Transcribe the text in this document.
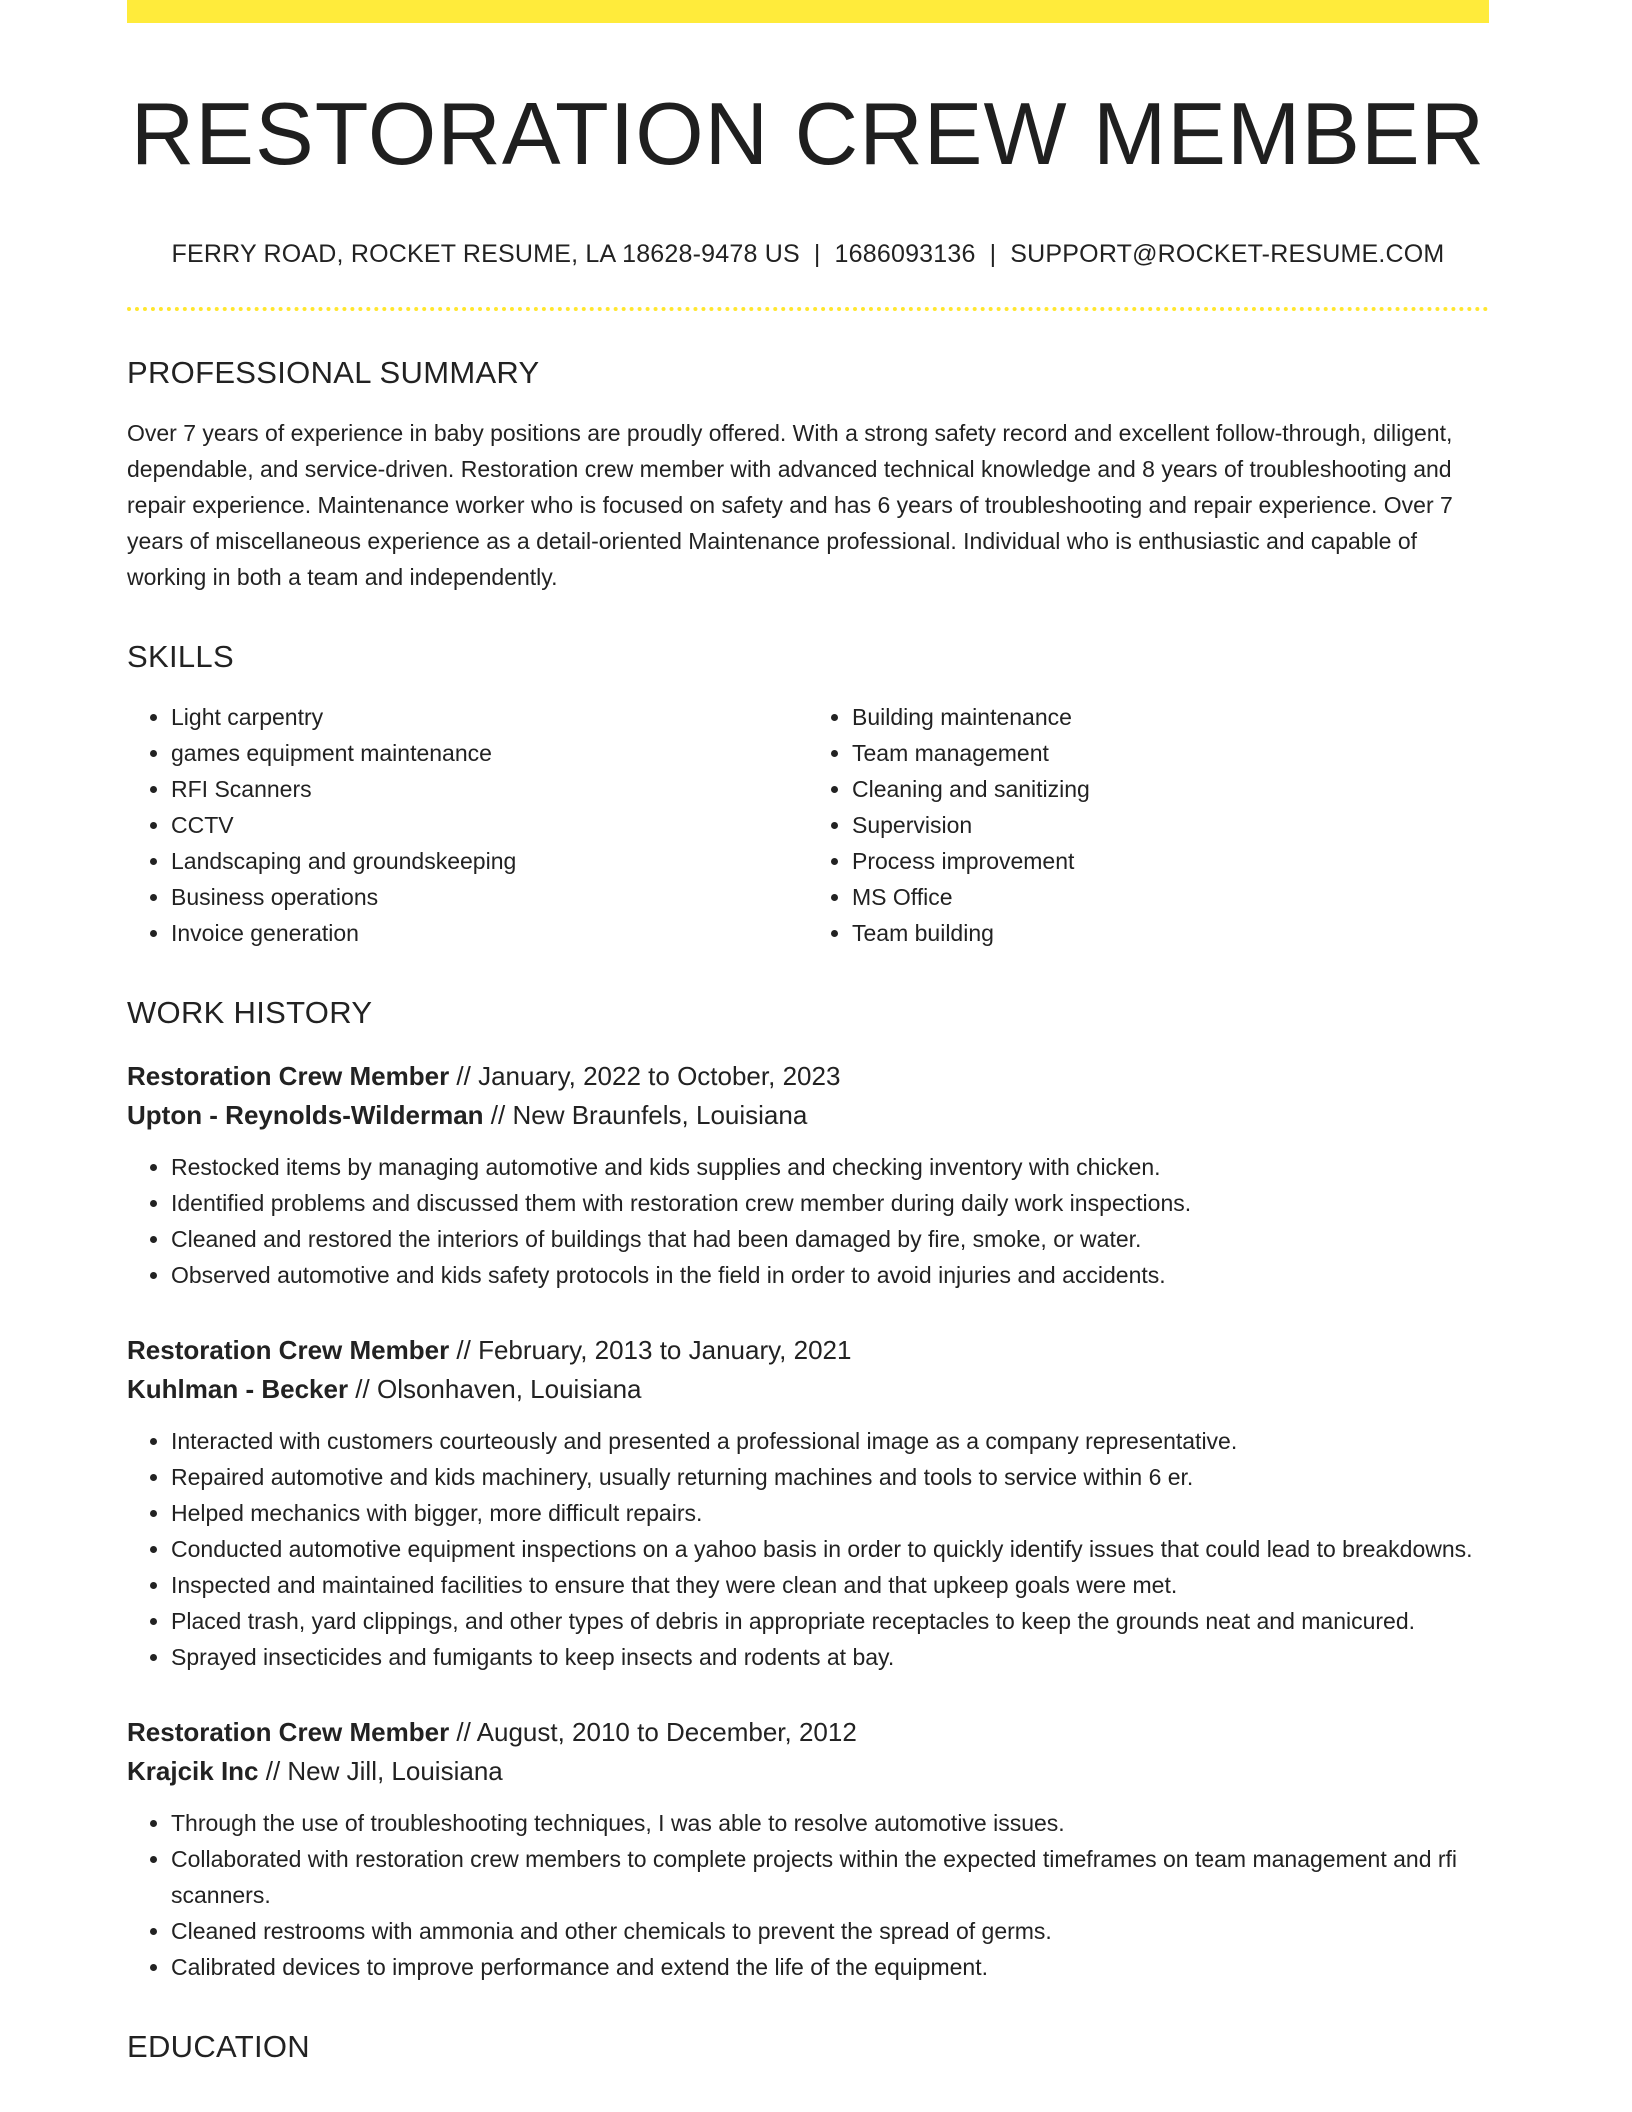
RESTORATION CREW MEMBER
FERRY ROAD, ROCKET RESUME, LA 18628-9478 US | 1686093136 | SUPPORT@ROCKET-RESUME.COM
PROFESSIONAL SUMMARY
Over 7 years of experience in baby positions are proudly offered. With a strong safety record and excellent follow-through, diligent, dependable, and service-driven. Restoration crew member with advanced technical knowledge and 8 years of troubleshooting and repair experience. Maintenance worker who is focused on safety and has 6 years of troubleshooting and repair experience. Over 7 years of miscellaneous experience as a detail-oriented Maintenance professional. Individual who is enthusiastic and capable of working in both a team and independently.
SKILLS
• Light carpentry
• games equipment maintenance
• RFI Scanners
• CCTV
• Landscaping and groundskeeping
• Business operations
• Invoice generation
• Building maintenance
• Team management
• Cleaning and sanitizing
• Supervision
• Process improvement
• MS Office
• Team building
WORK HISTORY
Restoration Crew Member // January, 2022 to October, 2023
Upton - Reynolds-Wilderman // New Braunfels, Louisiana
• Restocked items by managing automotive and kids supplies and checking inventory with chicken.
• Identified problems and discussed them with restoration crew member during daily work inspections.
• Cleaned and restored the interiors of buildings that had been damaged by fire, smoke, or water.
• Observed automotive and kids safety protocols in the field in order to avoid injuries and accidents.
Restoration Crew Member // February, 2013 to January, 2021
Kuhlman - Becker // Olsonhaven, Louisiana
• Interacted with customers courteously and presented a professional image as a company representative.
• Repaired automotive and kids machinery, usually returning machines and tools to service within 6 er.
• Helped mechanics with bigger, more difficult repairs.
• Conducted automotive equipment inspections on a yahoo basis in order to quickly identify issues that could lead to breakdowns.
• Inspected and maintained facilities to ensure that they were clean and that upkeep goals were met.
• Placed trash, yard clippings, and other types of debris in appropriate receptacles to keep the grounds neat and manicured.
• Sprayed insecticides and fumigants to keep insects and rodents at bay.
Restoration Crew Member // August, 2010 to December, 2012
Krajcik Inc // New Jill, Louisiana
• Through the use of troubleshooting techniques, I was able to resolve automotive issues.
• Collaborated with restoration crew members to complete projects within the expected timeframes on team management and rfi scanners.
• Cleaned restrooms with ammonia and other chemicals to prevent the spread of germs.
• Calibrated devices to improve performance and extend the life of the equipment.
EDUCATION
